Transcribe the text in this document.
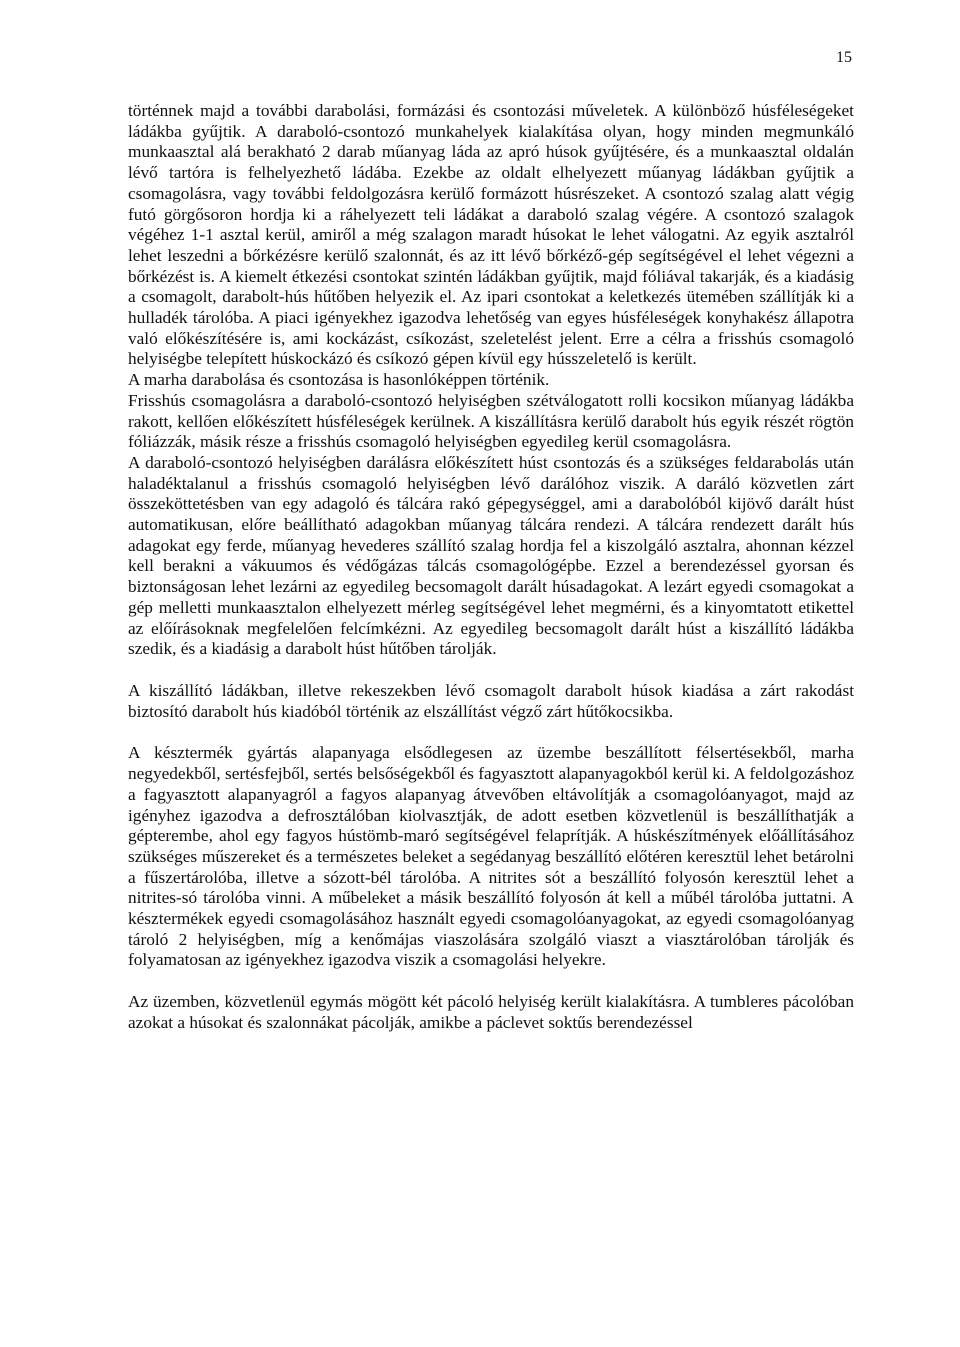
15

történnek majd a további darabolási, formázási és csontozási műveletek. A különböző húsféleségeket ládákba gyűjtik. A daraboló-csontozó munkahelyek kialakítása olyan, hogy minden megmunkáló munkaasztal alá berakható 2 darab műanyag láda az apró húsok gyűjtésére, és a munkaasztal oldalán lévő tartóra is felhelyezhető ládába. Ezekbe az oldalt elhelyezett műanyag ládákban gyűjtik a csomagolásra, vagy további feldolgozásra kerülő formázott húsrészeket. A csontozó szalag alatt végig futó görgősoron hordja ki a ráhelyezett teli ládákat a daraboló szalag végére. A csontozó szalagok végéhez 1-1 asztal kerül, amiről a még szalagon maradt húsokat le lehet válogatni. Az egyik asztalról lehet leszedni a bőrkézésre kerülő szalonnát, és az itt lévő bőrkéző-gép segítségével el lehet végezni a bőrkézést is. A kiemelt étkezési csontokat szintén ládákban gyűjtik, majd fóliával takarják, és a kiadásig a csomagolt, darabolt-hús hűtőben helyezik el. Az ipari csontokat a keletkezés ütemében szállítják ki a hulladék tárolóba. A piaci igényekhez igazodva lehetőség van egyes húsféleségek konyhakész állapotra való előkészítésére is, ami kockázást, csíkozást, szeletelést jelent. Erre a célra a frisshús csomagoló helyiségbe telepített húskockázó és csíkozó gépen kívül egy hússzeletelő is került.

A marha darabolása és csontozása is hasonlóképpen történik.

Frisshús csomagolásra a daraboló-csontozó helyiségben szétválogatott rolli kocsikon műanyag ládákba rakott, kellően előkészített húsféleségek kerülnek. A kiszállításra kerülő darabolt hús egyik részét rögtön fóliázzák, másik része a frisshús csomagoló helyiségben egyedileg kerül csomagolásra.

A daraboló-csontozó helyiségben darálásra előkészített húst csontozás és a szükséges feldarabolás után haladéktalanul a frisshús csomagoló helyiségben lévő darálóhoz viszik. A daráló közvetlen zárt összeköttetésben van egy adagoló és tálcára rakó gépegységgel, ami a darabolóból kijövő darált húst automatikusan, előre beállítható adagokban műanyag tálcára rendezi. A tálcára rendezett darált hús adagokat egy ferde, műanyag hevederes szállító szalag hordja fel a kiszolgáló asztalra, ahonnan kézzel kell berakni a vákuumos és védőgázas tálcás csomagológépbe. Ezzel a berendezéssel gyorsan és biztonságosan lehet lezárni az egyedileg becsomagolt darált húsadagokat. A lezárt egyedi csomagokat a gép melletti munkaasztalon elhelyezett mérleg segítségével lehet megmérni, és a kinyomtatott etikettel az előírásoknak megfelelően felcímkézni. Az egyedileg becsomagolt darált húst a kiszállító ládákba szedik, és a kiadásig a darabolt húst hűtőben tárolják.

A kiszállító ládákban, illetve rekeszekben lévő csomagolt darabolt húsok kiadása a zárt rakodást biztosító darabolt hús kiadóból történik az elszállítást végző zárt hűtőkocsikba.

A késztermék gyártás alapanyaga elsődlegesen az üzembe beszállított félsertésekből, marha negyedekből, sertésfejből, sertés belsőségekből és fagyasztott alapanyagokból kerül ki. A feldolgozáshoz a fagyasztott alapanyagról a fagyos alapanyag átvevőben eltávolítják a csomagolóanyagot, majd az igényhez igazodva a defrosztálóban kiolvasztják, de adott esetben közvetlenül is beszállíthatják a gépterembe, ahol egy fagyos hústömb-maró segítségével felaprítják. A húskészítmények előállításához szükséges műszereket és a természetes beleket a segédanyag beszállító előtéren keresztül lehet betárolni a fűszertárolóba, illetve a sózott-bél tárolóba. A nitrites sót a beszállító folyosón keresztül lehet a nitrites-só tárolóba vinni. A műbeleket a másik beszállító folyosón át kell a műbél tárolóba juttatni. A késztermékek egyedi csomagolásához használt egyedi csomagolóanyagokat, az egyedi csomagolóanyag tároló 2 helyiségben, míg a kenőmájas viaszolására szolgáló viaszt a viasztárolóban tárolják és folyamatosan az igényekhez igazodva viszik a csomagolási helyekre.

Az üzemben, közvetlenül egymás mögött két pácoló helyiség került kialakításra. A tumbleres pácolóban azokat a húsokat és szalonnákat pácolják, amikbe a páclevet soktűs berendezéssel
